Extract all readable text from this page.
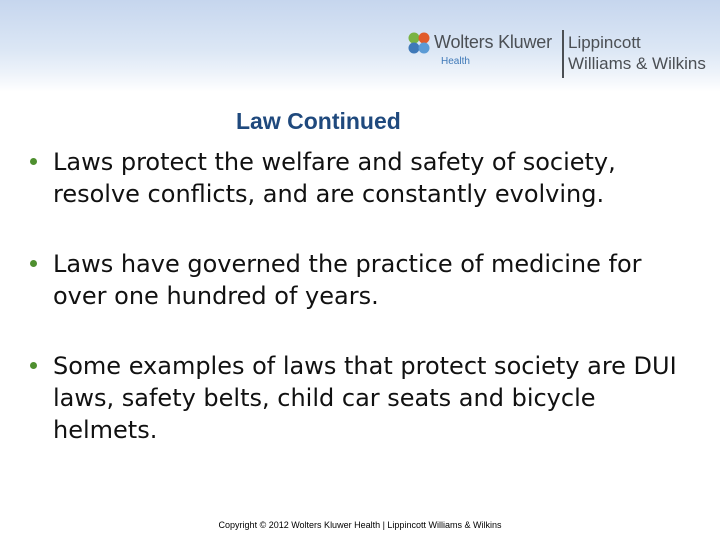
Wolters Kluwer
Health
Lippincott
Williams & Wilkins
Law Continued
Laws protect the welfare and safety of society, resolve conflicts, and are constantly evolving.
Laws have governed the practice of medicine for over one hundred of years.
Some examples of laws that protect society are DUI laws, safety belts, child car seats and bicycle helmets.
Copyright © 2012 Wolters Kluwer Health | Lippincott Williams & Wilkins
